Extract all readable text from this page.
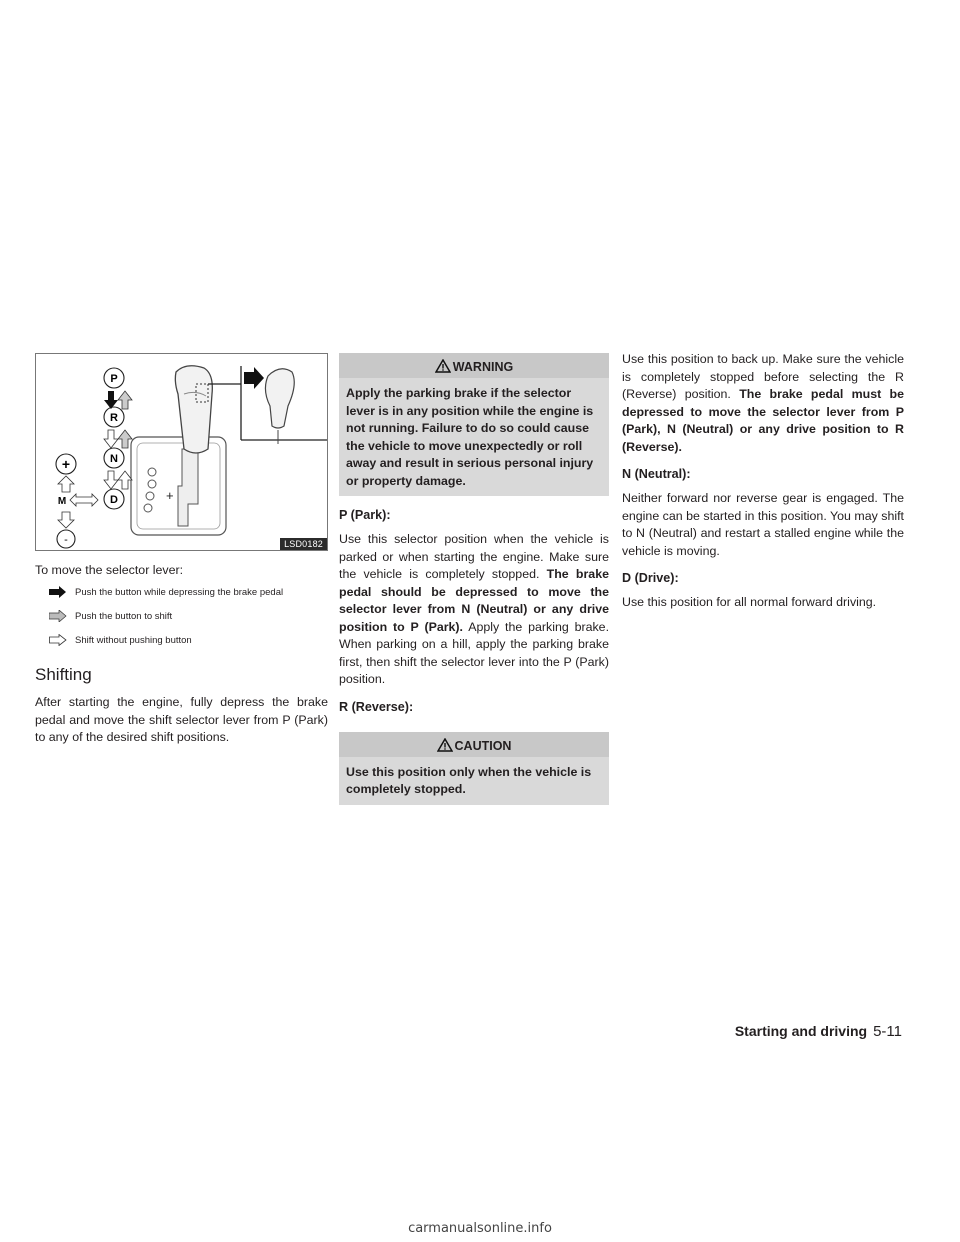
+
P
R
N
D
+
-
M
LSD0182
To move the selector lever:
Push the button while depressing the brake pedal
Push the button to shift
Shift without pushing button
Shifting

After starting the engine, fully depress the brake pedal and move the shift selector lever from P (Park) to any of the desired shift positions.

WARNING
Apply the parking brake if the selector lever is in any position while the engine is not running. Failure to do so could cause the vehicle to move unexpectedly or roll away and result in serious personal injury or property damage.
P (Park):

Use this selector position when the vehicle is parked or when starting the engine. Make sure the vehicle is completely stopped. The brake pedal should be depressed to move the selector lever from N (Neutral) or any drive position to P (Park). Apply the parking brake. When parking on a hill, apply the parking brake first, then shift the selector lever into the P (Park) position.

R (Reverse):
CAUTION
Use this position only when the vehicle is completely stopped.

Use this position to back up. Make sure the vehicle is completely stopped before selecting the R (Reverse) position. The brake pedal must be depressed to move the selector lever from P (Park), N (Neutral) or any drive position to R (Reverse).

N (Neutral):

Neither forward nor reverse gear is engaged. The engine can be started in this position. You may shift to N (Neutral) and restart a stalled engine while the vehicle is moving.

D (Drive):

Use this position for all normal forward driving.

Starting and driving 5-11
carmanualsonline.info
